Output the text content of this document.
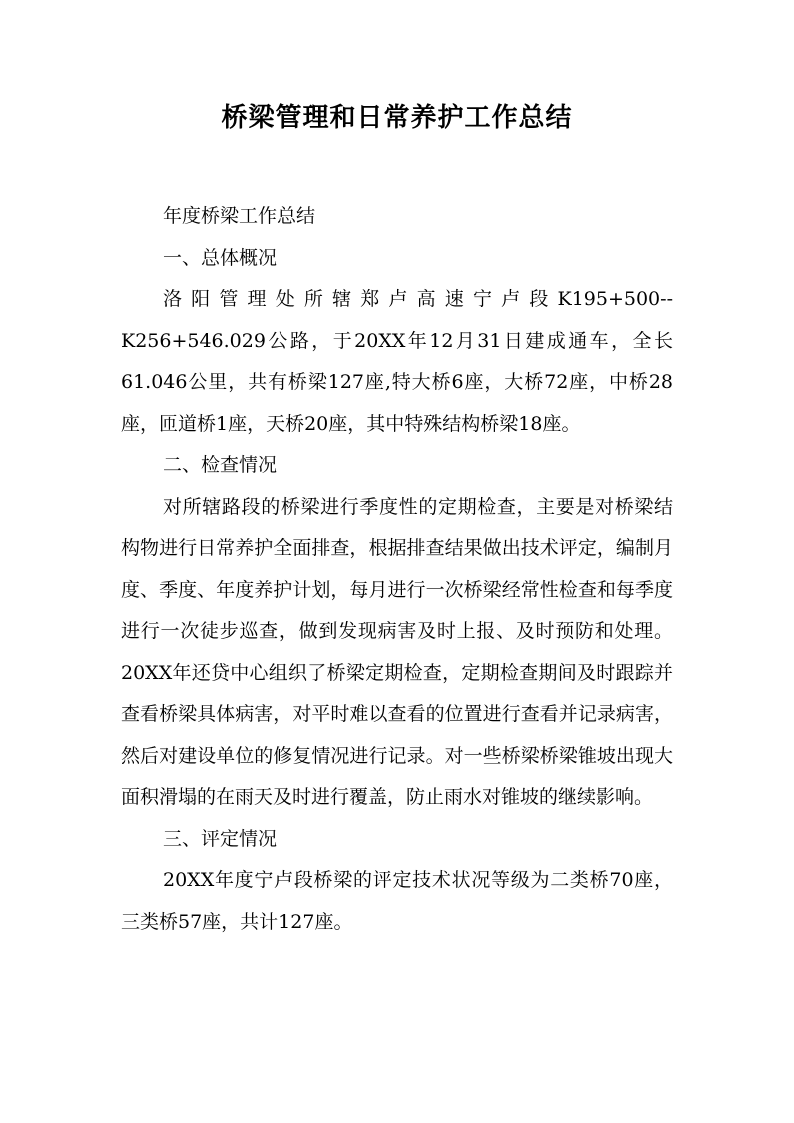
桥梁管理和日常养护工作总结

年度桥梁工作总结

一、总体概况

洛阳管理处所辖郑卢高速宁卢段K195+500--K256+546.029公路，于20XX年12月31日建成通车，全长61.046公里，共有桥梁127座,特大桥6座，大桥72座，中桥28座，匝道桥1座，天桥20座，其中特殊结构桥梁18座。

二、检查情况

对所辖路段的桥梁进行季度性的定期检查，主要是对桥梁结构物进行日常养护全面排查，根据排查结果做出技术评定，编制月度、季度、年度养护计划，每月进行一次桥梁经常性检查和每季度进行一次徒步巡查，做到发现病害及时上报、及时预防和处理。20XX年还贷中心组织了桥梁定期检查，定期检查期间及时跟踪并查看桥梁具体病害，对平时难以查看的位置进行查看并记录病害，然后对建设单位的修复情况进行记录。对一些桥梁桥梁锥坡出现大面积滑塌的在雨天及时进行覆盖，防止雨水对锥坡的继续影响。

三、评定情况

20XX年度宁卢段桥梁的评定技术状况等级为二类桥70座，三类桥57座，共计127座。
